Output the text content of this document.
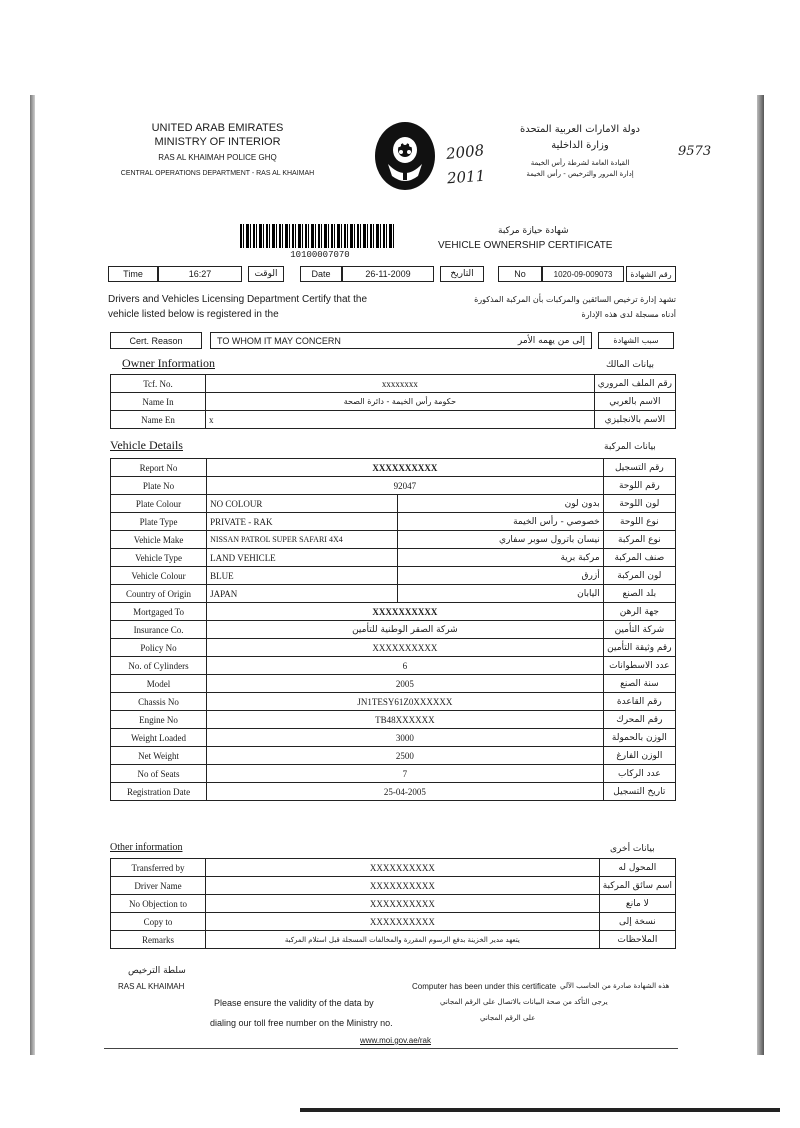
UNITED ARAB EMIRATES
MINISTRY OF INTERIOR
RAS AL KHAIMAH POLICE GHQ
CENTRAL OPERATIONS DEPARTMENT - RAS AL KHAIMAH
2008
2011
9573
دولة الامارات العربية المتحدة
وزارة الداخلية
القيادة العامة لشرطة رأس الخيمة
إدارة المرور والترخيص - رأس الخيمة
10100007070
شهادة حيازة مركبة
VEHICLE OWNERSHIP CERTIFICATE
Time	16:27	الوقت	Date	26-11-2009	التاريخ	No	1020-09-009073	رقم الشهادة
Drivers and Vehicles Licensing Department Certify that the
vehicle listed below is registered in the
تشهد إدارة ترخيص السائقين والمركبات بأن المركبة المذكورة
أدناه مسجلة لدى هذه الإدارة
Cert. Reason	TO WHOM IT MAY CONCERN	إلى من يهمه الأمر	سبب الشهادة
Owner Information	بيانات المالك
Tcf. No.	xxxxxxxx	رقم الملف المروري
Name In	حكومة رأس الخيمة - دائرة الصحة	الاسم بالعربي
Name En	x	الاسم بالانجليزي
Vehicle Details	بيانات المركبة
Report No	XXXXXXXXXX		رقم التسجيل
Plate No	92047		رقم اللوحة
Plate Colour	NO COLOUR	بدون لون	لون اللوحة
Plate Type	PRIVATE - RAK	خصوصي - رأس الخيمة	نوع اللوحة
Vehicle Make	NISSAN PATROL SUPER SAFARI 4X4	نيسان باترول سوبر سفاري	نوع المركبة
Vehicle Type	LAND VEHICLE	مركبة برية	صنف المركبة
Vehicle Colour	BLUE	أزرق	لون المركبة
Country of Origin	JAPAN	اليابان	بلد الصنع
Mortgaged To	XXXXXXXXXX		جهة الرهن
Insurance Co.	شركة الصقر الوطنية للتأمين		شركة التأمين
Policy No	XXXXXXXXXX		رقم وثيقة التأمين
No. of Cylinders	6		عدد الاسطوانات
Model	2005		سنة الصنع
Chassis No	JN1TESY61Z0XXXXXX		رقم القاعدة
Engine No	TB48XXXXXX		رقم المحرك
Weight Loaded	3000		الوزن بالحمولة
Net Weight	2500		الوزن الفارغ
No of Seats	7		عدد الركاب
Registration Date	25-04-2005		تاريخ التسجيل
Other information	بيانات أخرى
Transferred by	XXXXXXXXXX	المحول له
Driver Name	XXXXXXXXXX	اسم سائق المركبة
No Objection to	XXXXXXXXXX	لا مانع
Copy to	XXXXXXXXXX	نسخة إلى
Remarks	يتعهد مدير الخزينة بدفع الرسوم المقررة والمخالفات المسجلة قبل استلام المركبة	الملاحظات
سلطة الترخيص
RAS AL KHAIMAH	Computer has been under this certificate هذه الشهادة صادرة من الحاسب الآلي
يرجى التأكد من صحة البيانات بالاتصال على الرقم المجاني
على الرقم المجاني
Please ensure the validity of the data by
dialing our toll free number on the Ministry no.
www.moi.gov.ae/rak
